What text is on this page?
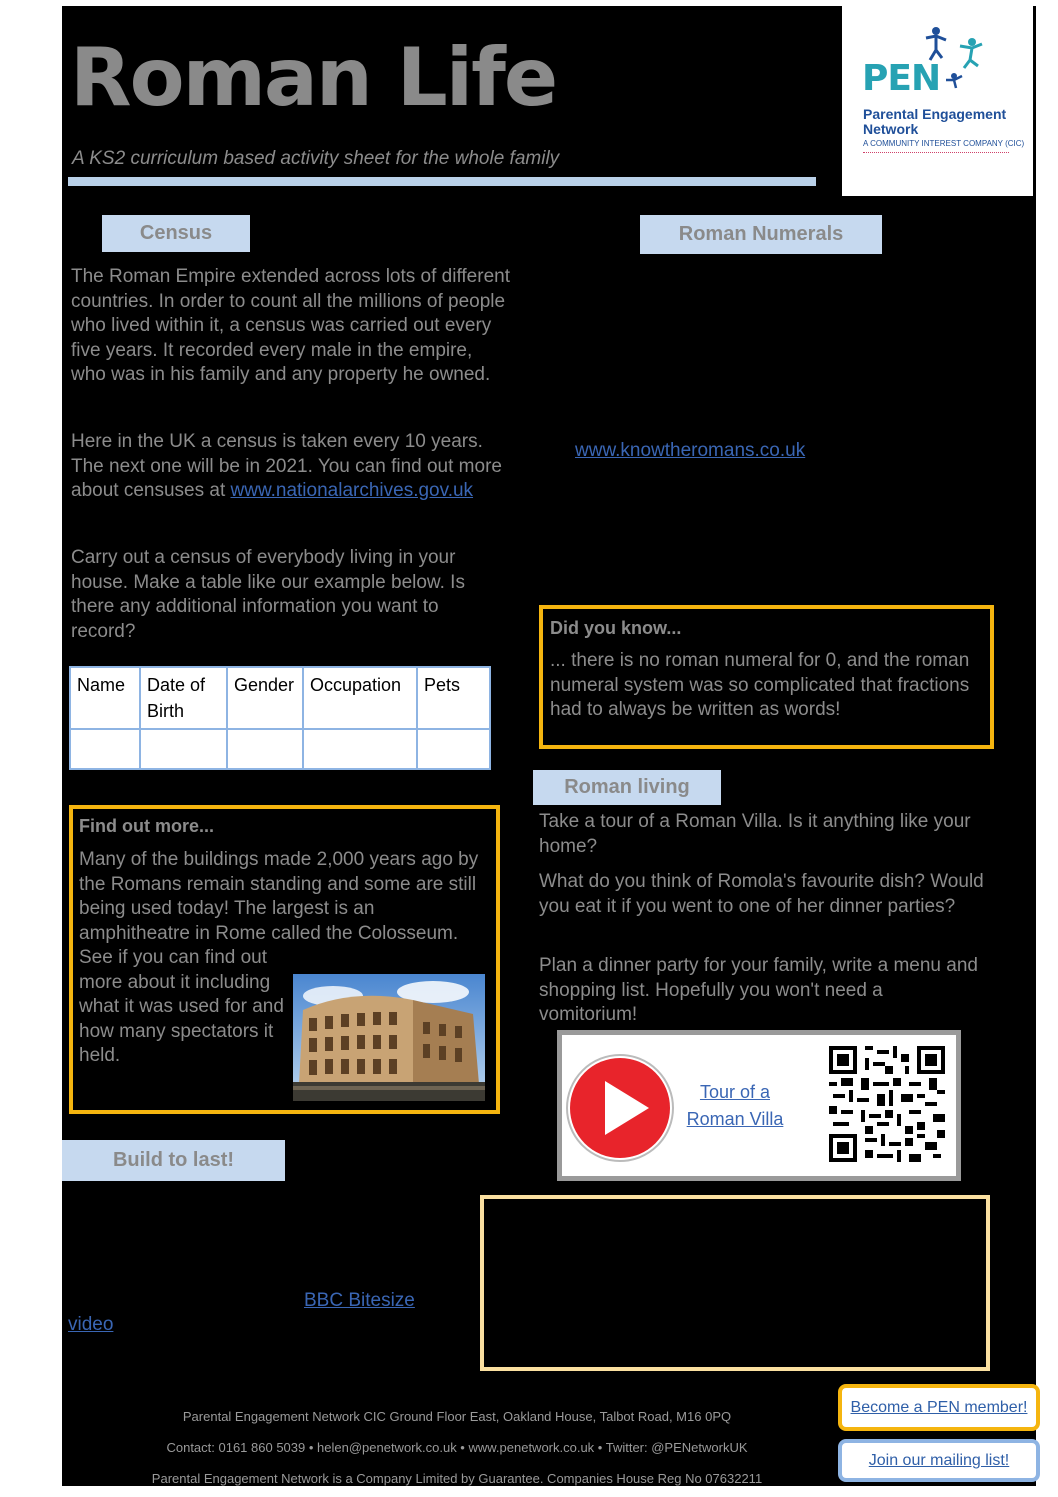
Roman Life
A KS2 curriculum based activity sheet for the whole family
PEN
Parental Engagement
Network
A COMMUNITY INTEREST COMPANY (CIC)
Census
The Roman Empire extended across lots of different countries. In order to count all the millions of people who lived within it, a census was carried out every five years. It recorded every male in the empire, who was in his family and any property he owned.
Here in the UK a census is taken every 10 years. The next one will be in 2021. You can find out more about censuses at www.nationalarchives.gov.uk
Carry out a census of everybody living in your house. Make a table like our example below. Is there any additional information you want to record?
Name	Date of Birth	Gender	Occupation	Pets

Find out more...
Many of the buildings made 2,000 years ago by the Romans remain standing and some are still being used today! The largest is an amphitheatre in Rome called the Colosseum.
See if you can find out more about it including what it was used for and how many spectators it held.
Roman Numerals
www.knowtheromans.co.uk
Did you know...
... there is no roman numeral for 0, and the roman numeral system was so complicated that fractions had to always be written as words!
Roman living
Take a tour of a Roman Villa. Is it anything like your home?
What do you think of Romola's favourite dish? Would you eat it if you went to one of her dinner parties?
Plan a dinner party for your family, write a menu and shopping list. Hopefully you won't need a vomitorium!
Tour of a
Roman Villa
Build to last!
BBC Bitesize
video
Parental Engagement Network CIC Ground Floor East, Oakland House, Talbot Road, M16 0PQ
Contact: 0161 860 5039 • helen@penetwork.co.uk • www.penetwork.co.uk • Twitter: @PENetworkUK
Parental Engagement Network is a Company Limited by Guarantee. Companies House Reg No 07632211
Become a PEN member!
Join our mailing list!
